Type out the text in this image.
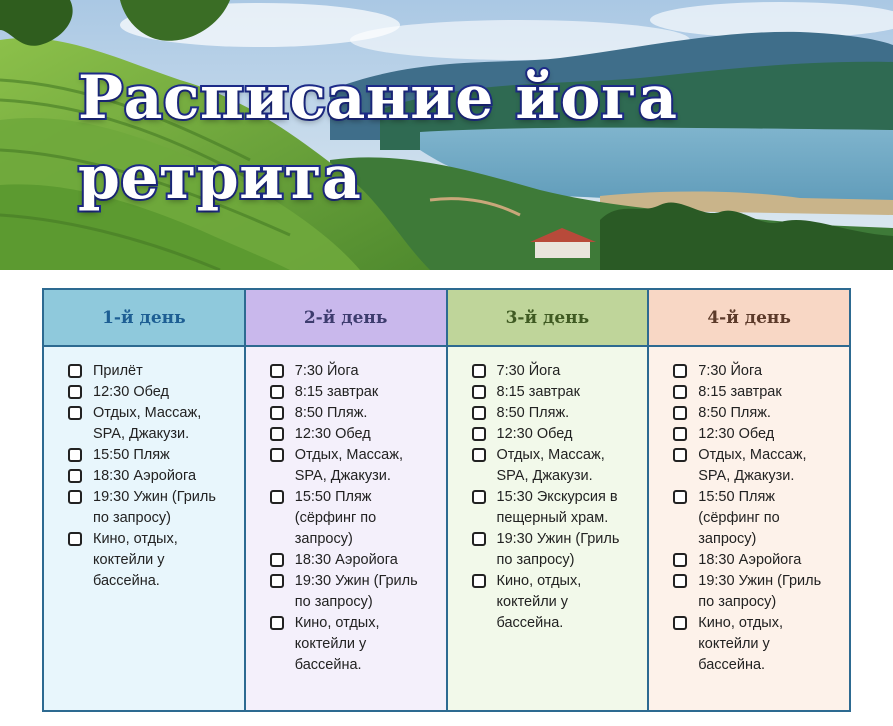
Расписание йога ретрита
1-й день
Прилёт
12:30 Обед
Отдых, Массаж, SPA, Джакузи.
15:50 Пляж
18:30 Аэройога
19:30 Ужин (Гриль по запросу)
Кино, отдых, коктейли у бассейна.
2-й день
7:30 Йога
8:15 завтрак
8:50 Пляж.
12:30 Обед
Отдых, Массаж, SPA, Джакузи.
15:50 Пляж (сёрфинг по запросу)
18:30 Аэройога
19:30 Ужин (Гриль по запросу)
Кино, отдых, коктейли у бассейна.
3-й день
7:30 Йога
8:15 завтрак
8:50 Пляж.
12:30 Обед
Отдых, Массаж, SPA, Джакузи.
15:30 Экскурсия в пещерный храм.
19:30 Ужин (Гриль по запросу)
Кино, отдых, коктейли у бассейна.
4-й день
7:30 Йога
8:15 завтрак
8:50 Пляж.
12:30 Обед
Отдых, Массаж, SPA, Джакузи.
15:50 Пляж (сёрфинг по запросу)
18:30 Аэройога
19:30 Ужин (Гриль по запросу)
Кино, отдых, коктейли у бассейна.
